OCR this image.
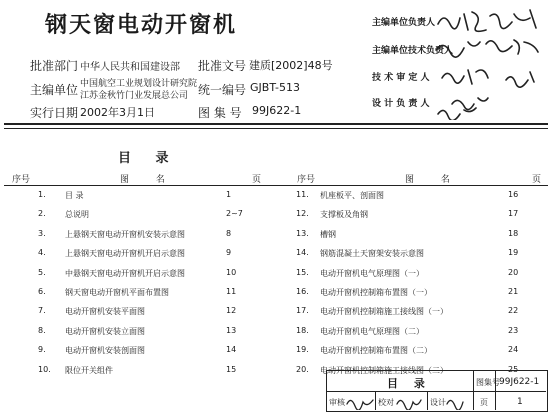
钢天窗电动开窗机
批准部门 中华人民共和国建设部 批准文号 建质[2002]48号
主编单位 中国航空工业规划设计研究院
江苏金秋竹门业发展总公司 统一编号 GJBT-513
实行日期 2002年3月1日	图 集 号 99J622-1
主编单位负责人
主编单位技术负责人
技 术 审 定 人
设 计 负 责 人
目 录
序号	图 名	页	序号	图 名	页
1. 目 录	1
2. 总说明	2~7
3. 上悬钢天窗电动开窗机安装示意图	8
4. 上悬钢天窗电动开窗机开启示意图	9
5. 中悬钢天窗电动开窗机开启示意图	10
6. 钢天窗电动开窗机平面布置图	11
7. 电动开窗机安装平面图	12
8. 电动开窗机安装立面图	13
9. 电动开窗机安装剖面图	14
10. 限位开关组件	15
11. 机座板平、剖面图	16
12. 支撑板及角钢	17
13. 槽钢	18
14. 钢筋混凝土天窗架安装示意图	19
15. 电动开窗机电气原理图（一）	20
16. 电动开窗机控制箱布置图（一）	21
17. 电动开窗机控制箱施工接线图（一）	22
18. 电动开窗机电气原理图（二）	23
19. 电动开窗机控制箱布置图（二）	24
20. 电动开窗机控制箱施工接线图（二）	25
目 录	图集号 99J622-1
审核	校对	设计	页	1
